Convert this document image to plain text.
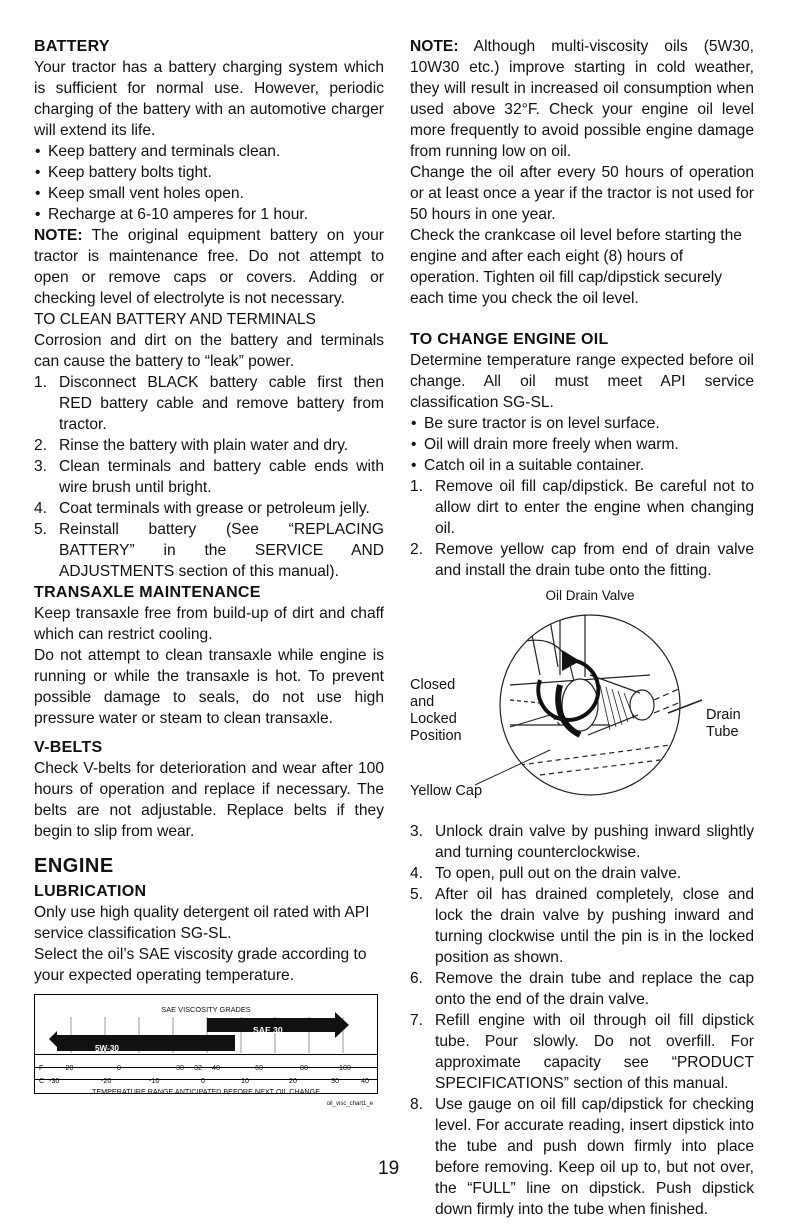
BATTERY

Your tractor has a battery charging system which is sufficient for normal use. However, periodic charging of the battery with an automotive charger will extend its life.

• Keep battery and terminals clean.
• Keep battery bolts tight.
• Keep small vent holes open.
• Recharge at 6-10 amperes for 1 hour.

NOTE: The original equipment battery on your tractor is maintenance free. Do not attempt to open or remove caps or covers. Adding or checking level of electrolyte is not necessary.

TO CLEAN BATTERY AND TERMINALS

Corrosion and dirt on the battery and terminals can cause the battery to “leak” power.

1. Disconnect BLACK battery cable first then RED battery cable and remove battery from tractor.
2. Rinse the battery with plain water and dry.
3. Clean terminals and battery cable ends with wire brush until bright.
4. Coat terminals with grease or petroleum jelly.
5. Reinstall battery (See “REPLACING BATTERY” in the SERVICE AND ADJUSTMENTS section of this manual).
TRANSAXLE MAINTENANCE

Keep transaxle free from build-up of dirt and chaff which can restrict cooling.

Do not attempt to clean transaxle while engine is running or while the transaxle is hot. To prevent possible damage to seals, do not use high pressure water or steam to clean transaxle.

V-BELTS

Check V-belts for deterioration and wear after 100 hours of operation and replace if necessary. The belts are not adjustable. Replace belts if they begin to slip from wear.

ENGINE
LUBRICATION

Only use high quality detergent oil rated with API service classification SG-SL.

Select the oil’s SAE viscosity grade according to your expected operating temperature.

SAE VISCOSITY GRADES
SAE 30
5W-30
F	-20	0	30 32 40	60	80	100
C -30	-20	-10	0	10	20	30	40
TEMPERATURE RANGE ANTICIPATED BEFORE NEXT OIL CHANGE
oil_visc_chart1_e

NOTE: Although multi-viscosity oils (5W30, 10W30 etc.) improve starting in cold weather, they will result in increased oil consumption when used above 32°F. Check your engine oil level more frequently to avoid possible engine damage from running low on oil.

Change the oil after every 50 hours of operation or at least once a year if the tractor is not used for 50 hours in one year.

Check the crankcase oil level before starting the engine and after each eight (8) hours of operation. Tighten oil fill cap/dipstick securely each time you check the oil level.

TO CHANGE ENGINE OIL

Determine temperature range expected before oil change. All oil must meet API service classification SG-SL.

• Be sure tractor is on level surface.
• Oil will drain more freely when warm.
• Catch oil in a suitable container.
1. Remove oil fill cap/dipstick. Be careful not to allow dirt to enter the engine when changing oil.
2. Remove yellow cap from end of drain valve and install the drain tube onto the fitting.
Oil Drain Valve
Closed
and
Locked
Position
Drain
Tube
Yellow Cap
3. Unlock drain valve by pushing inward slightly and turning counterclockwise.
4. To open, pull out on the drain valve.
5. After oil has drained completely, close and lock the drain valve by pushing inward and turning clockwise until the pin is in the locked position as shown.
6. Remove the drain tube and replace the cap onto the end of the drain valve.
7. Refill engine with oil through oil fill dipstick tube. Pour slowly. Do not overfill. For approximate capacity see “PRODUCT SPECIFICATIONS” section of this manual.
8. Use gauge on oil fill cap/dipstick for checking level. For accurate reading, insert dipstick into the tube and push down firmly into place before removing. Keep oil up to, but not over, the “FULL” line on dipstick. Push dipstick down firmly into the tube when finished.
19
